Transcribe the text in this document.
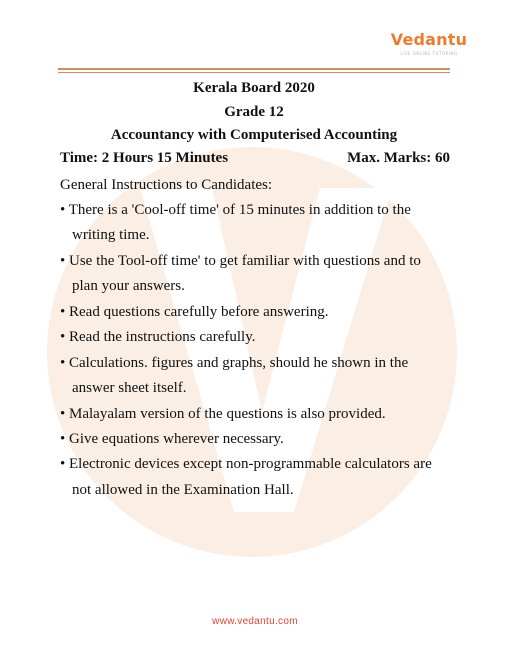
Vedantu
LIVE ONLINE TUTORING
Kerala Board 2020
Grade 12
Accountancy with Computerised Accounting
Time: 2 Hours 15 Minutes	Max. Marks: 60
General Instructions to Candidates:
• There is a 'Cool-off time' of 15 minutes in addition to the
writing time.
• Use the Tool-off time' to get familiar with questions and to
plan your answers.
• Read questions carefully before answering.
• Read the instructions carefully.
• Calculations. figures and graphs, should he shown in the
answer sheet itself.
• Malayalam version of the questions is also provided.
• Give equations wherever necessary.
• Electronic devices except non-programmable calculators are
not allowed in the Examination Hall.
www.vedantu.com
